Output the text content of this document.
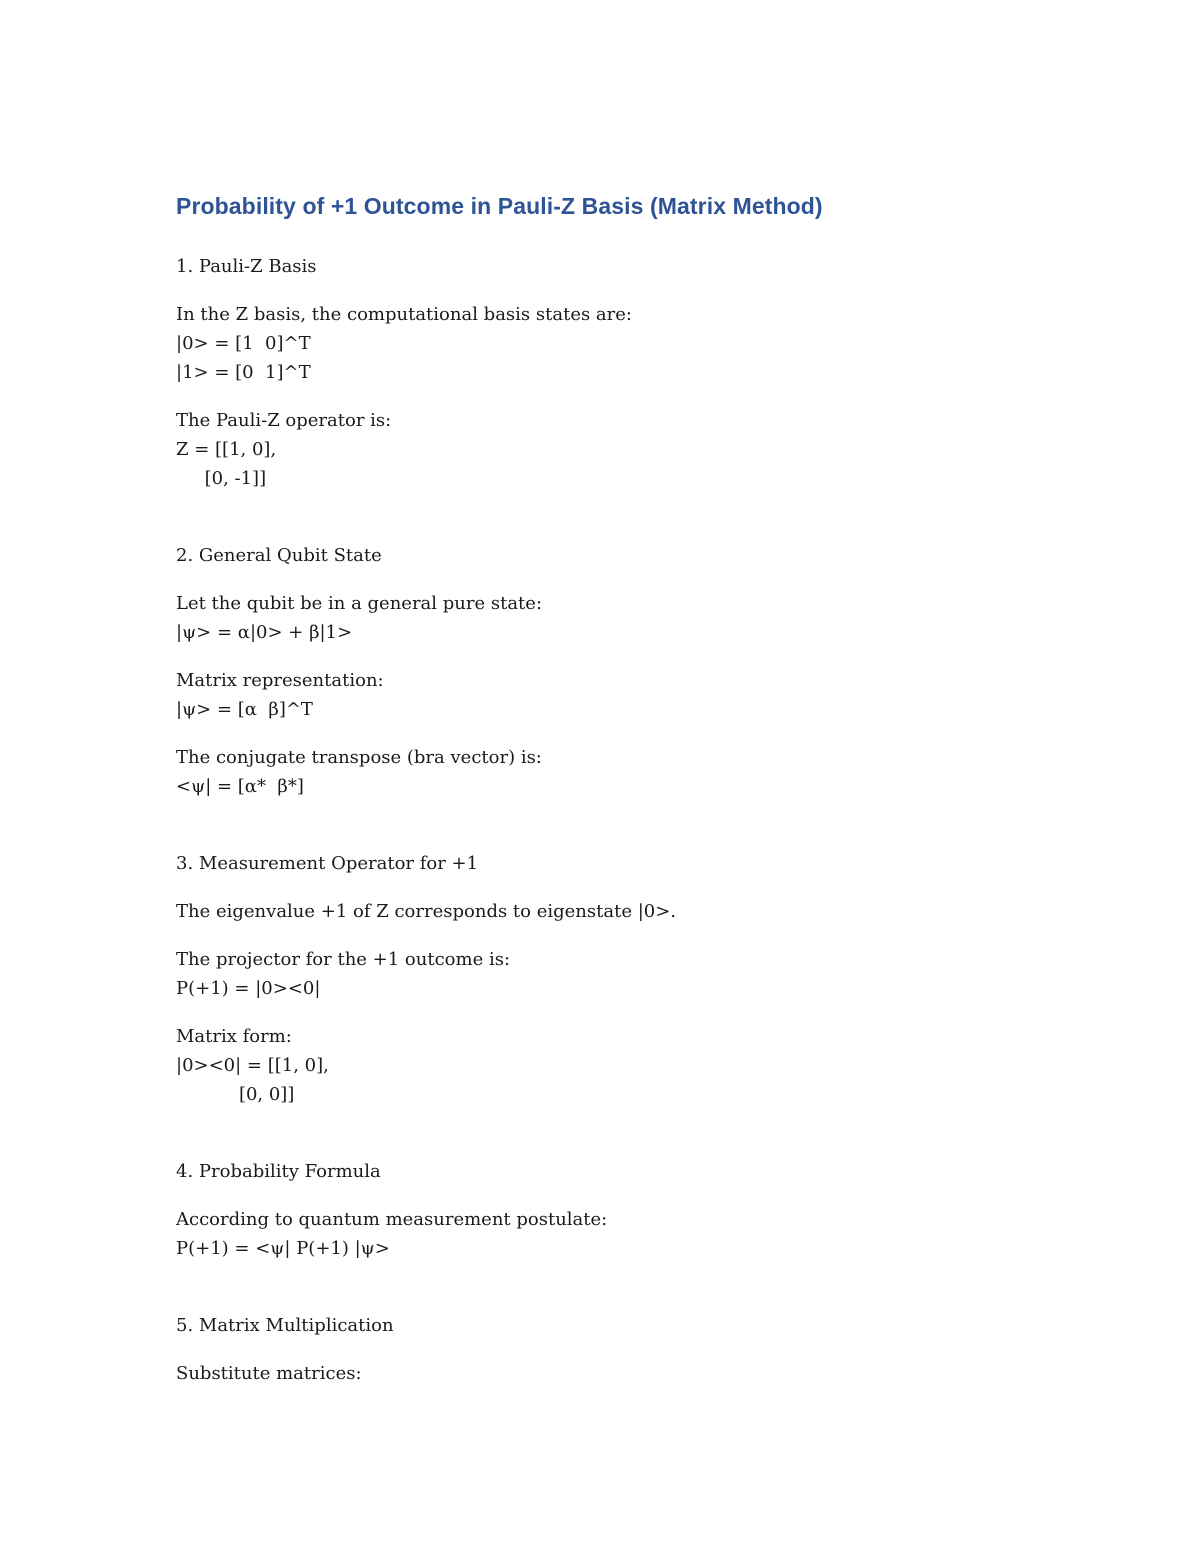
Probability of +1 Outcome in Pauli-Z Basis (Matrix Method)
1. Pauli-Z Basis
In the Z basis, the computational basis states are:
|0> = [1  0]^T
|1> = [0  1]^T
The Pauli-Z operator is:
Z = [[1, 0],
[0, -1]]
2. General Qubit State
Let the qubit be in a general pure state:
|ψ> = α|0> + β|1>
Matrix representation:
|ψ> = [α  β]^T
The conjugate transpose (bra vector) is:
<ψ| = [α*  β*]
3. Measurement Operator for +1
The eigenvalue +1 of Z corresponds to eigenstate |0>.
The projector for the +1 outcome is:
P(+1) = |0><0|
Matrix form:
|0><0| = [[1, 0],
[0, 0]]
4. Probability Formula
According to quantum measurement postulate:
P(+1) = <ψ| P(+1) |ψ>
5. Matrix Multiplication
Substitute matrices:
